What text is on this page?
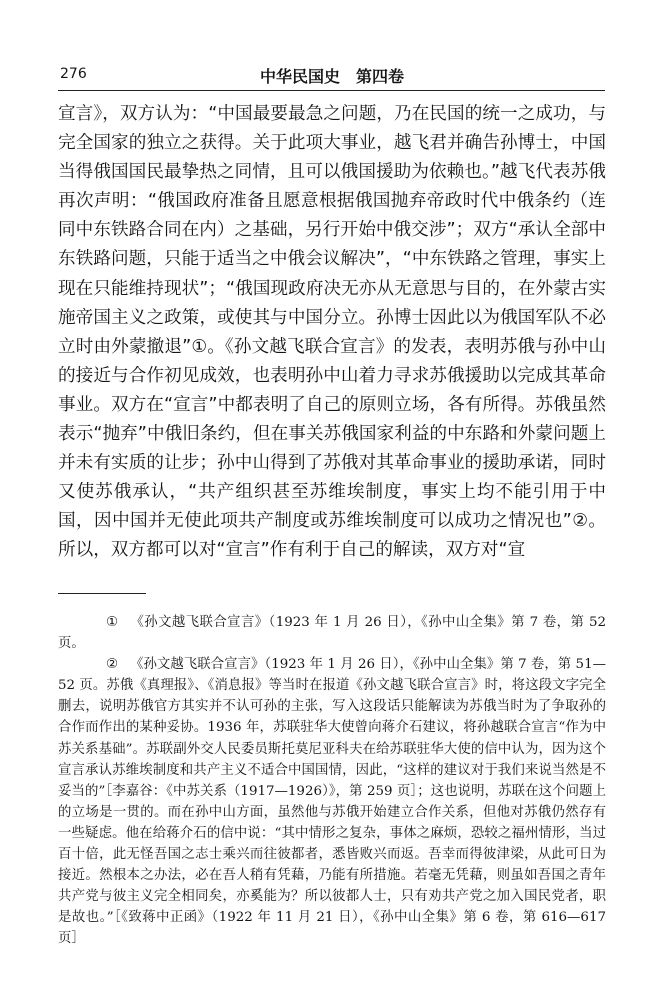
276	中华民国史　第四卷

宣言》，双方认为：“中国最要最急之问题，乃在民国的统一之成功，与完全国家的独立之获得。关于此项大事业，越飞君并确告孙博士，中国当得俄国国民最挚热之同情，且可以俄国援助为依赖也。”越飞代表苏俄再次声明：“俄国政府准备且愿意根据俄国抛弃帝政时代中俄条约（连同中东铁路合同在内）之基础，另行开始中俄交涉”；双方“承认全部中东铁路问题，只能于适当之中俄会议解决”，“中东铁路之管理，事实上现在只能维持现状”；“俄国现政府决无亦从无意思与目的，在外蒙古实施帝国主义之政策，或使其与中国分立。孙博士因此以为俄国军队不必立时由外蒙撤退”①。《孙文越飞联合宣言》的发表，表明苏俄与孙中山的接近与合作初见成效，也表明孙中山着力寻求苏俄援助以完成其革命事业。双方在“宣言”中都表明了自己的原则立场，各有所得。苏俄虽然表示“抛弃”中俄旧条约，但在事关苏俄国家利益的中东路和外蒙问题上并未有实质的让步；孙中山得到了苏俄对其革命事业的援助承诺，同时又使苏俄承认，“共产组织甚至苏维埃制度，事实上均不能引用于中国，因中国并无使此项共产制度或苏维埃制度可以成功之情况也”②。所以，双方都可以对“宣言”作有利于自己的解读，双方对“宣

① 《孙文越飞联合宣言》（1923 年 1 月 26 日），《孙中山全集》第 7 卷，第 52 页。

② 《孙文越飞联合宣言》（1923 年 1 月 26 日），《孙中山全集》第 7 卷，第 51—52 页。苏俄《真理报》、《消息报》等当时在报道《孙文越飞联合宣言》时，将这段文字完全删去，说明苏俄官方其实并不认可孙的主张，写入这段话只能解读为苏俄当时为了争取孙的合作而作出的某种妥协。1936 年，苏联驻华大使曾向蒋介石建议，将孙越联合宣言“作为中苏关系基础”。苏联副外交人民委员斯托莫尼亚科夫在给苏联驻华大使的信中认为，因为这个宣言承认苏维埃制度和共产主义不适合中国国情，因此，“这样的建议对于我们来说当然是不妥当的”［李嘉谷：《中苏关系（1917—1926）》，第 259 页］；这也说明，苏联在这个问题上的立场是一贯的。而在孙中山方面，虽然他与苏俄开始建立合作关系，但他对苏俄仍然存有一些疑虑。他在给蒋介石的信中说：“其中情形之复杂，事体之麻烦，恐较之福州情形，当过百十倍，此无怪吾国之志士乘兴而往彼都者，悉皆败兴而返。吾幸而得彼津梁，从此可日为接近。然根本之办法，必在吾人稍有凭藉，乃能有所措施。若毫无凭藉，则虽如吾国之青年共产党与彼主义完全相同矣，亦奚能为？所以彼都人士，只有劝共产党之加入国民党者，职是故也。”［《致蒋中正函》（1922 年 11 月 21 日），《孙中山全集》第 6 卷，第 616—617 页］
